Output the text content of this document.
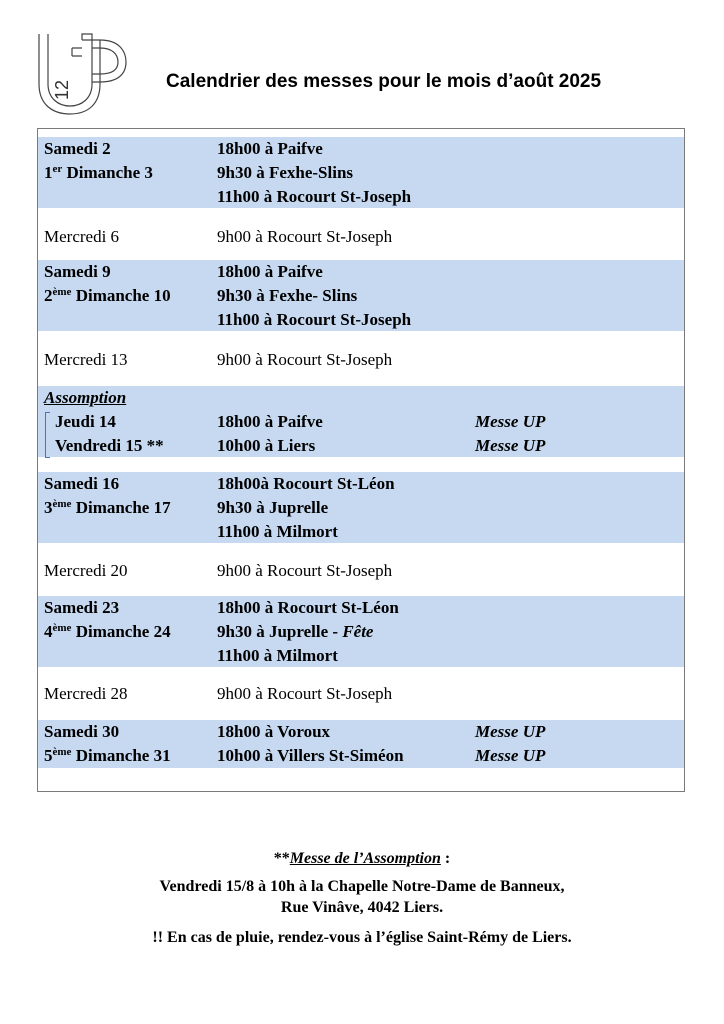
12	Calendrier des messes pour le mois d’août 2025
Samedi 2	18h00 à Paifve
1er Dimanche 3	9h30 à Fexhe-Slins
11h00 à Rocourt St-Joseph
Mercredi 6	9h00 à Rocourt St-Joseph
Samedi 9	18h00 à Paifve
2ème Dimanche 10	9h30 à Fexhe- Slins
11h00 à Rocourt St-Joseph
Mercredi 13	9h00 à Rocourt St-Joseph
Assomption
Jeudi 14	18h00 à Paifve	Messe UP
Vendredi 15 **	10h00 à Liers	Messe UP
Samedi 16	18h00à Rocourt St-Léon
3ème Dimanche 17	9h30 à Juprelle
11h00 à Milmort
Mercredi 20	9h00 à Rocourt St-Joseph
Samedi 23	18h00 à Rocourt St-Léon
4ème Dimanche 24	9h30 à Juprelle - Fête
11h00 à Milmort
Mercredi 28	9h00 à Rocourt St-Joseph
Samedi 30	18h00 à Voroux	Messe UP
5ème Dimanche 31	10h00 à Villers St-Siméon	Messe UP
**Messe de l’Assomption :
Vendredi 15/8 à 10h à la Chapelle Notre-Dame de Banneux,
Rue Vinâve, 4042 Liers.
!! En cas de pluie, rendez-vous à l’église Saint-Rémy de Liers.
